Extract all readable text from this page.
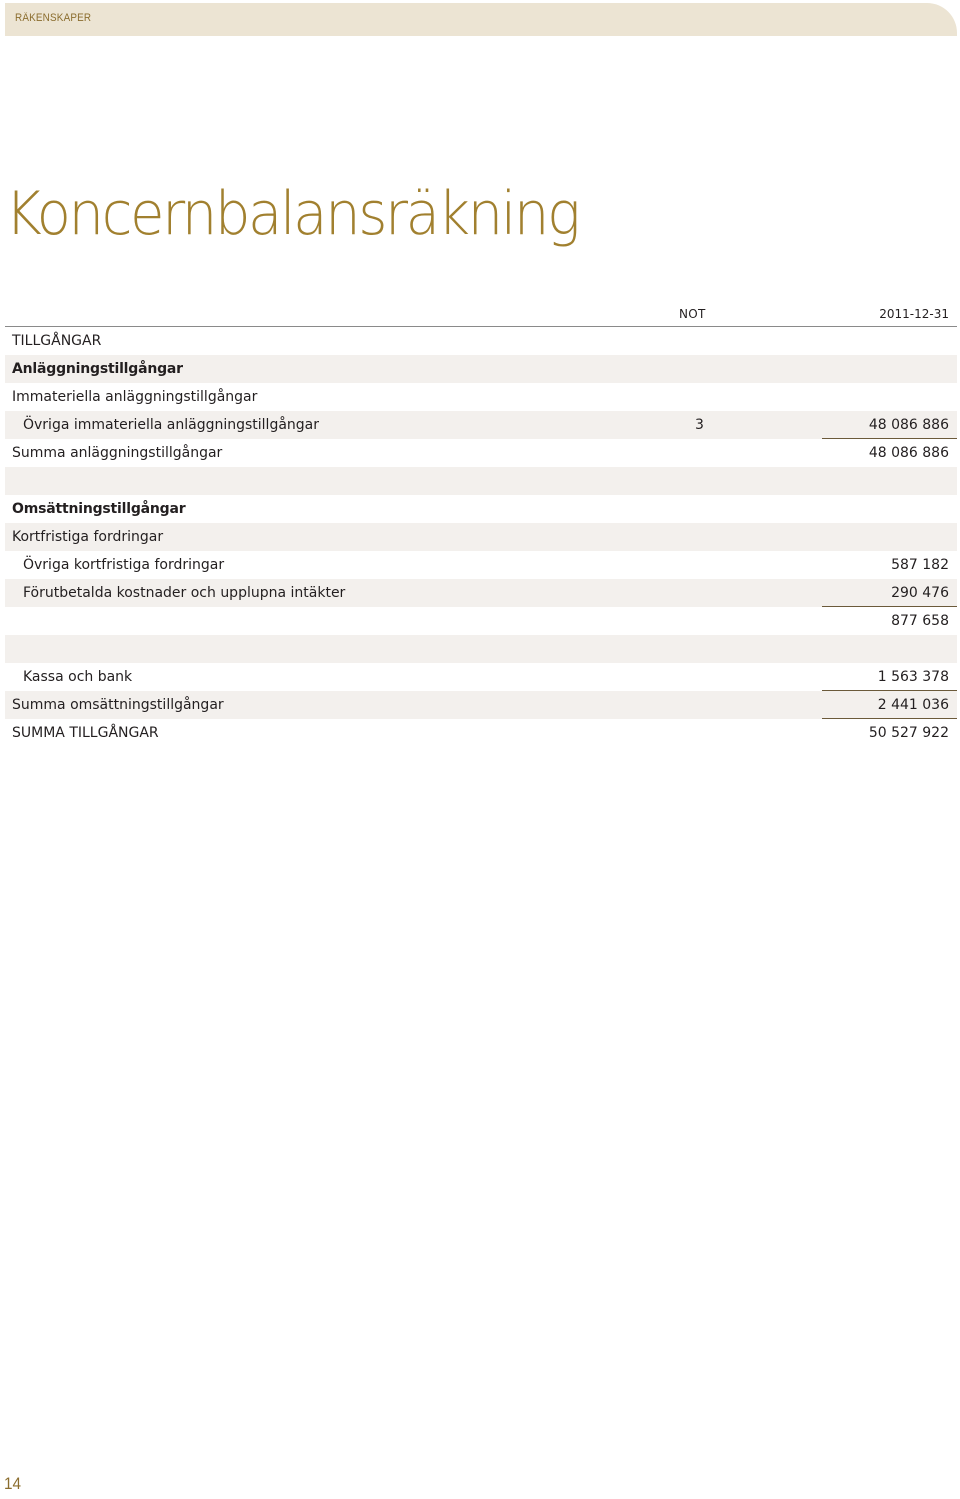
RÄKENSKAPER
Koncernbalansräkning
NOT	2011-12-31
TILLGÅNGAR
Anläggningstillgångar
Immateriella anläggningstillgångar
Övriga immateriella anläggningstillgångar	3	48 086 886
Summa anläggningstillgångar	48 086 886
Omsättningstillgångar
Kortfristiga fordringar
Övriga kortfristiga fordringar	587 182
Förutbetalda kostnader och upplupna intäkter	290 476
877 658
Kassa och bank	1 563 378
Summa omsättningstillgångar	2 441 036
SUMMA TILLGÅNGAR	50 527 922
14
